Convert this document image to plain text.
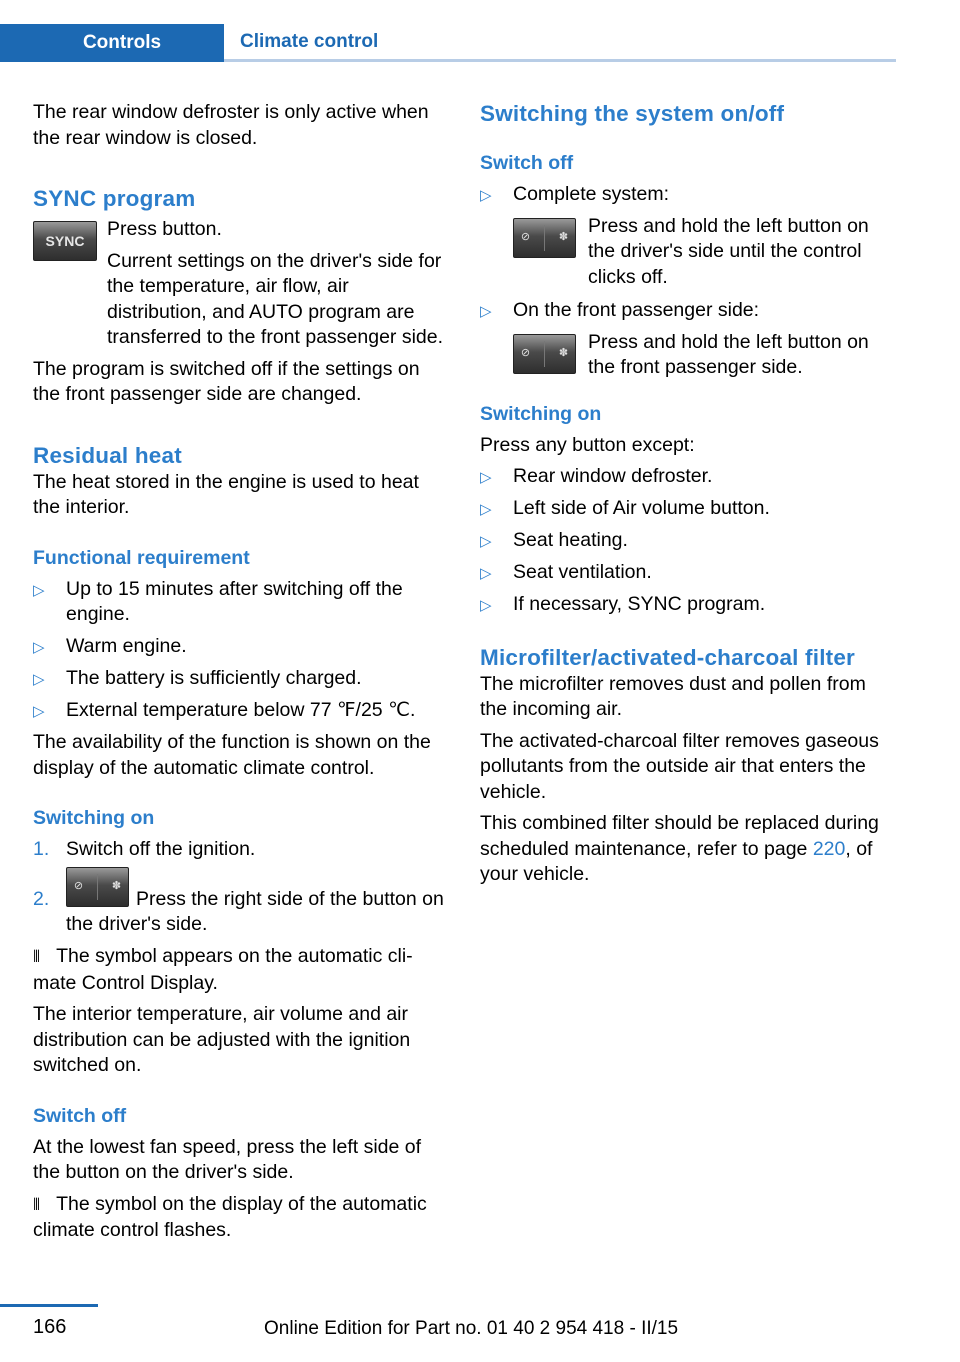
Controls	Climate control

The rear window defroster is only active when the rear window is closed.

SYNC program
SYNC

Press button.

Current settings on the driver's side for the temperature, air flow, air distribution, and AUTO program are transferred to the front passenger side.

The program is switched off if the settings on the front passenger side are changed.

Residual heat

The heat stored in the engine is used to heat the interior.

Functional requirement
▷ Up to 15 minutes after switching off the engine.
▷ Warm engine.
▷ The battery is sufficiently charged.
▷ External temperature below 77 ℉/25 ℃.

The availability of the function is shown on the display of the automatic climate control.

Switching on
1. Switch off the ignition.
2.
⊘	✽
Press the right side of the button on the driver's side.

⦀ The symbol appears on the automatic cli‐mate Control Display.

The interior temperature, air volume and air distribution can be adjusted with the ignition switched on.

Switch off

At the lowest fan speed, press the left side of the button on the driver's side.

⦀ The symbol on the display of the automatic climate control flashes.

Switching the system on/off
Switch off
▷ Complete system:
⊘	✽
Press and hold the left button on the driver's side until the control clicks off.
▷ On the front passenger side:
⊘	✽
Press and hold the left button on the front passenger side.
Switching on

Press any button except:

▷ Rear window defroster.
▷ Left side of Air volume button.
▷ Seat heating.
▷ Seat ventilation.
▷ If necessary, SYNC program.
Microfilter/activated-charcoal filter

The microfilter removes dust and pollen from the incoming air.

The activated-charcoal filter removes gaseous pollutants from the outside air that enters the vehicle.

This combined filter should be replaced during scheduled maintenance, refer to page 220, of your vehicle.

166	Online Edition for Part no. 01 40 2 954 418 - II/15
